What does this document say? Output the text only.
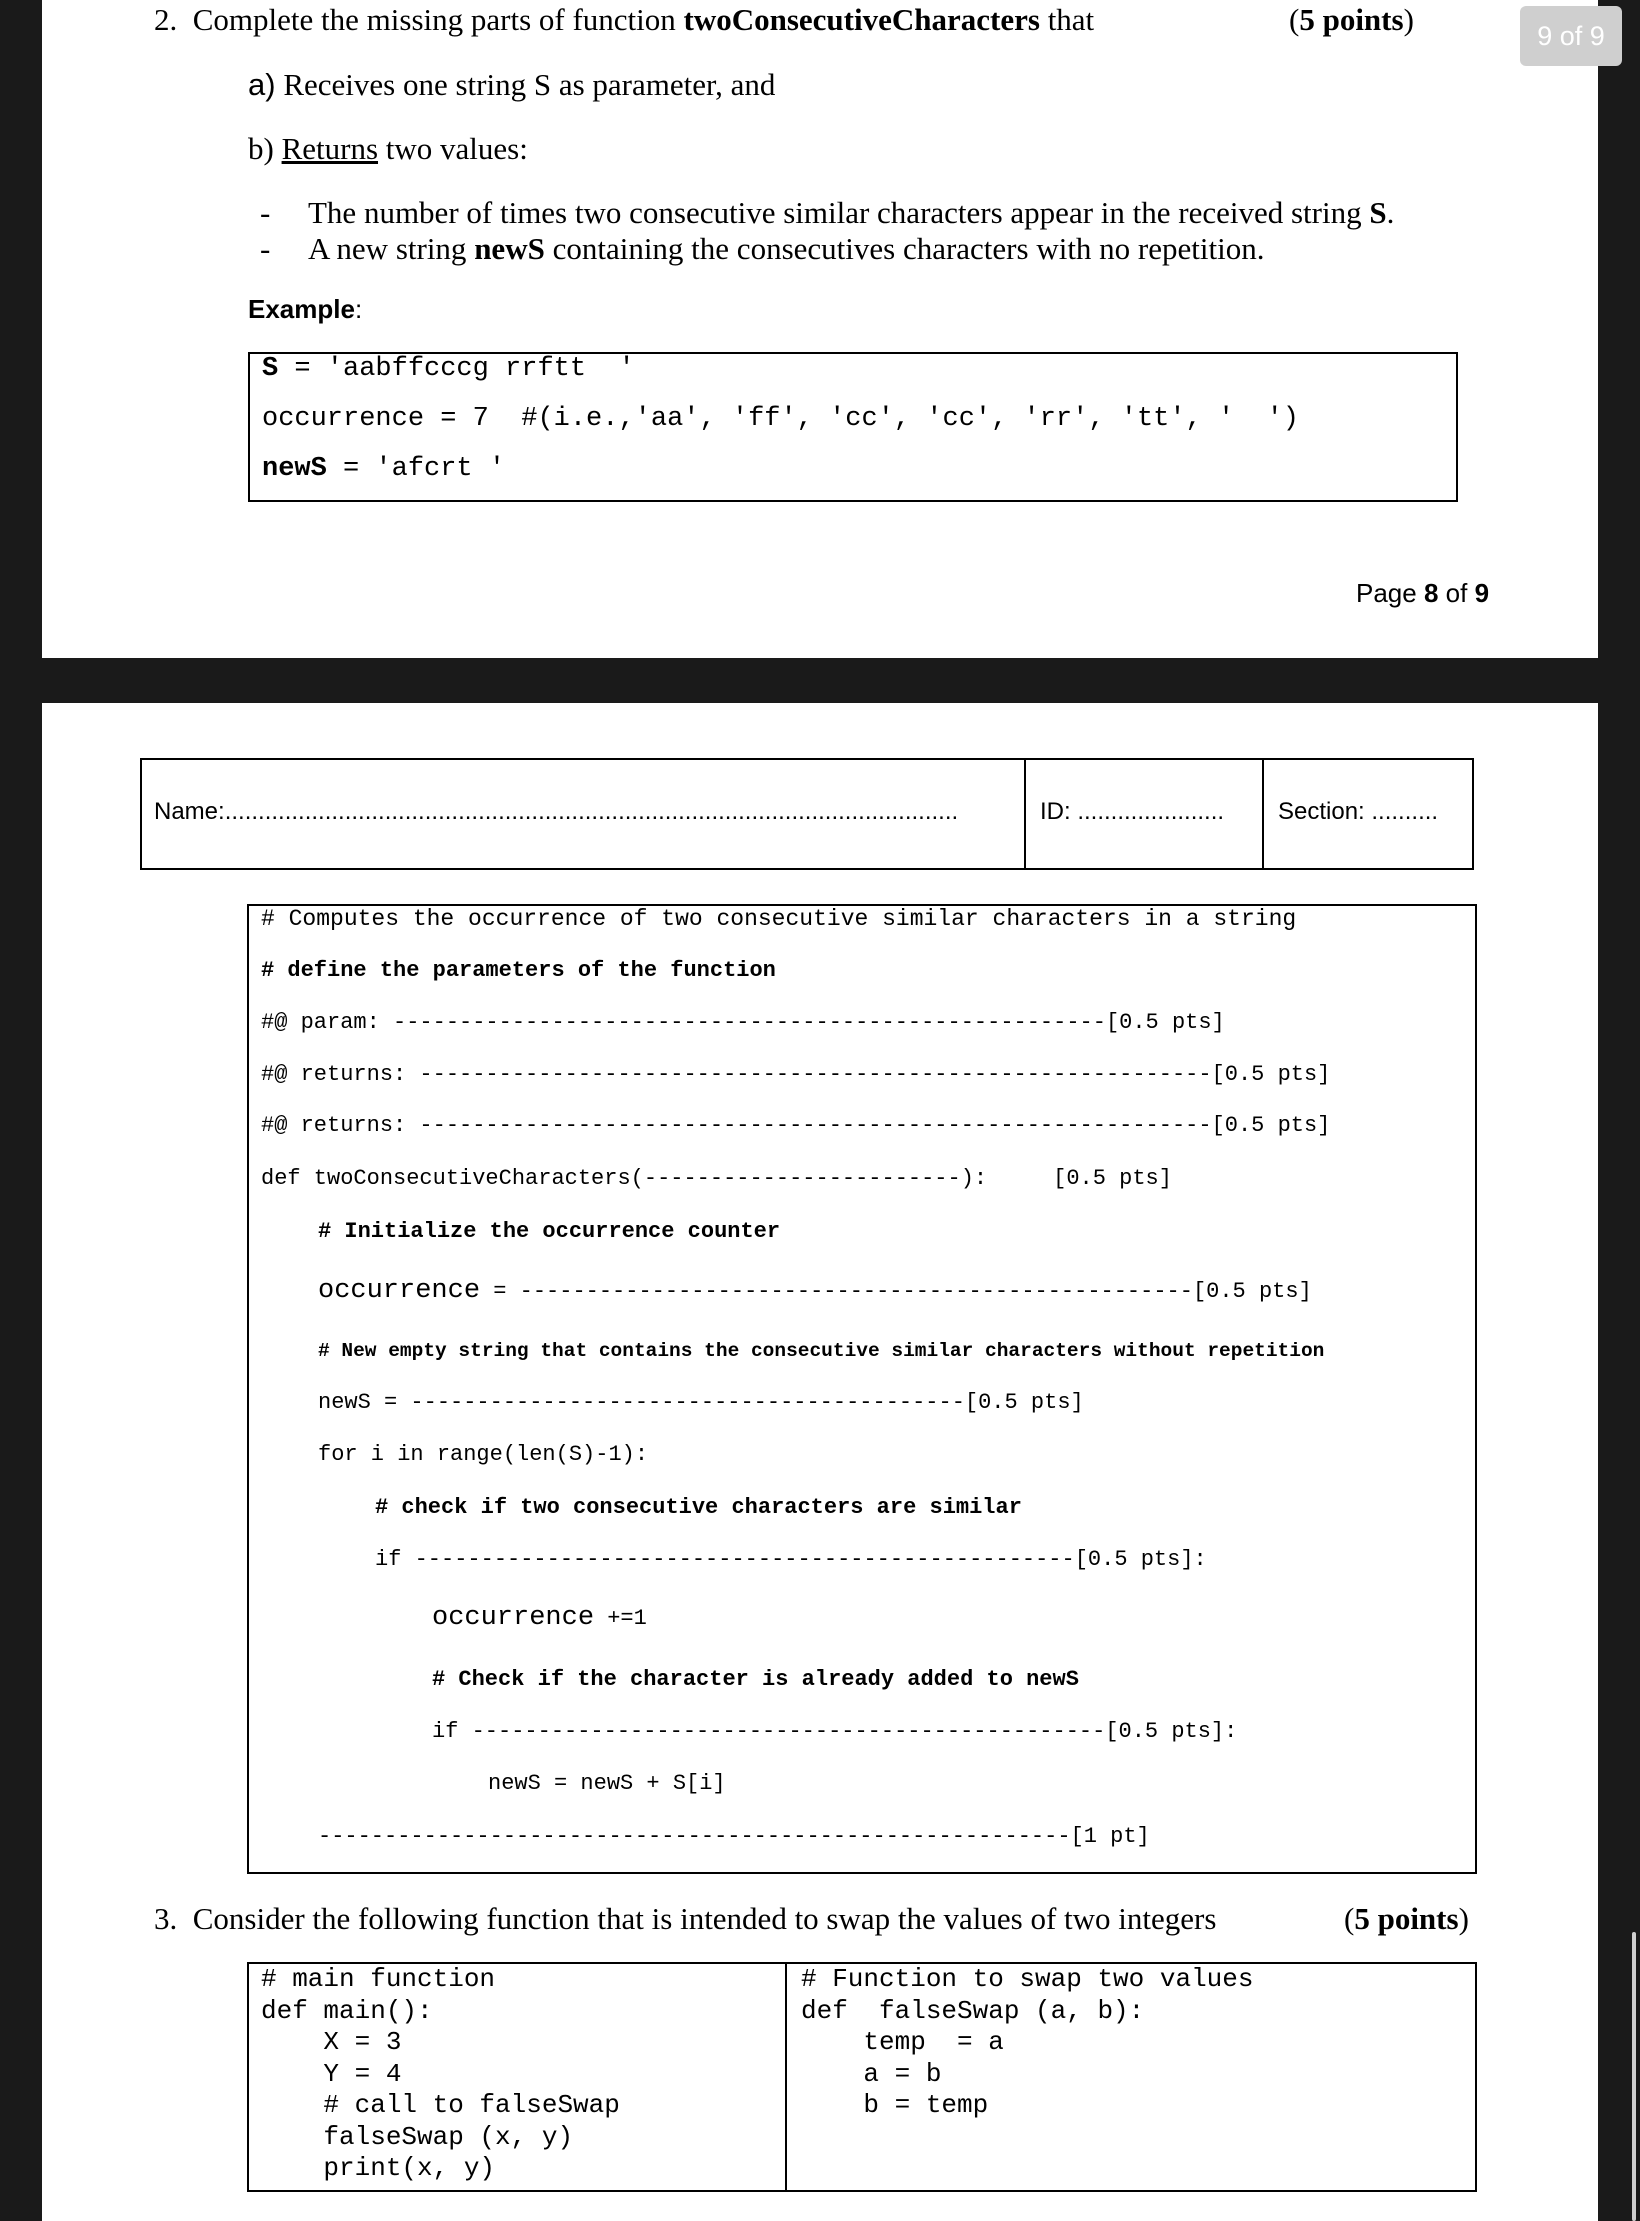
2. Complete the missing parts of function twoConsecutiveCharacters that	(5 points)
a) Receives one string S as parameter, and
b) Returns two values:
- The number of times two consecutive similar characters appear in the received string S.
- A new string newS containing the consecutives characters with no repetition.
Example:
S = 'aabffcccg rrftt  '
occurrence = 7  #(i.e.,'aa', 'ff', 'cc', 'cc', 'rr', 'tt', '  ')
newS = 'afcrt '
Page 8 of 9
Name:..............................................................................................................	ID: ...................... Section: ..........
# Computes the occurrence of two consecutive similar characters in a string
# define the parameters of the function
#@ param: ------------------------------------------------------[0.5 pts]
#@ returns: ------------------------------------------------------------[0.5 pts]
#@ returns: ------------------------------------------------------------[0.5 pts]
def twoConsecutiveCharacters(------------------------):     [0.5 pts]
# Initialize the occurrence counter
occurrence = ---------------------------------------------------[0.5 pts]
# New empty string that contains the consecutive similar characters without repetition
newS = ------------------------------------------[0.5 pts]
for i in range(len(S)-1):
# check if two consecutive characters are similar
if --------------------------------------------------[0.5 pts]:
occurrence +=1
# Check if the character is already added to newS
if ------------------------------------------------[0.5 pts]:
newS = newS + S[i]
---------------------------------------------------------[1 pt]
3. Consider the following function that is intended to swap the values of two integers	(5 points)
# main function
def main():
X = 3
Y = 4
# call to falseSwap
falseSwap (x, y)
print(x, y)
# Function to swap two values
def  falseSwap (a, b):
temp  = a
a = b
b = temp
9 of 9
